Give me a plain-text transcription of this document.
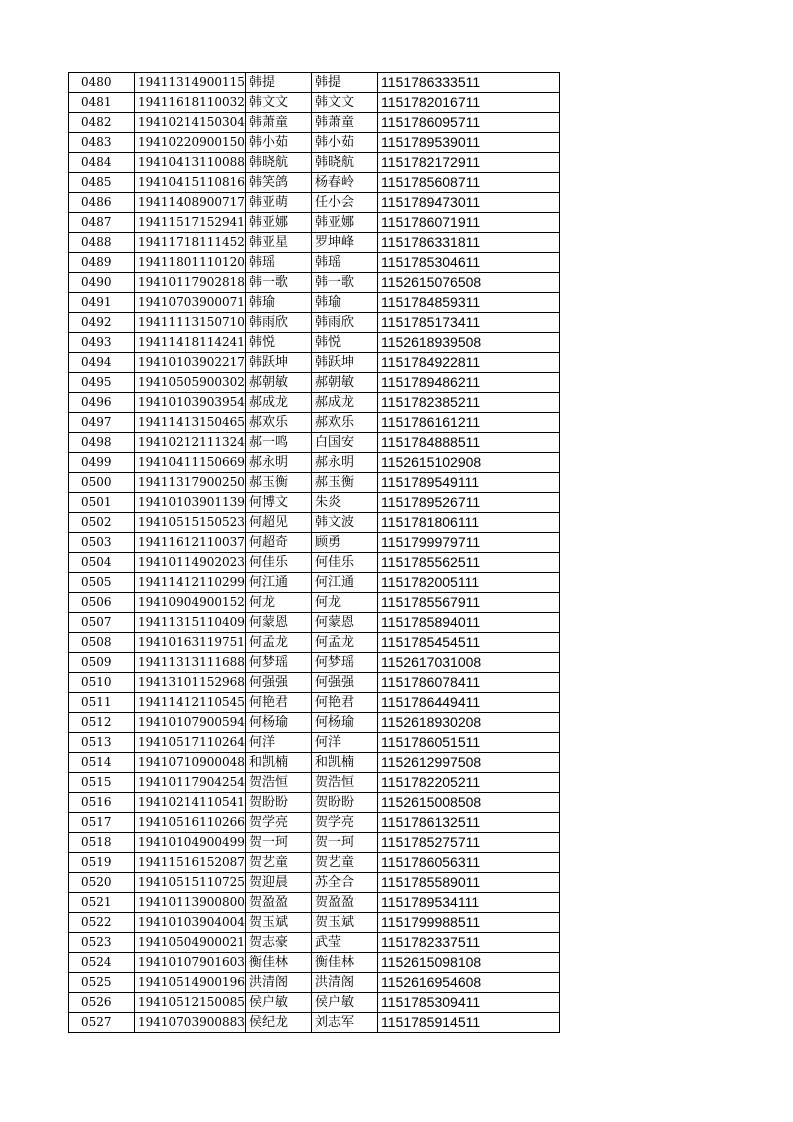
0480	19411314900115	韩提	韩提	1151786333511
0481	19411618110032	韩文文	韩文文	1151782016711
0482	19410214150304	韩萧童	韩萧童	1151786095711
0483	19410220900150	韩小茹	韩小茹	1151789539011
0484	19410413110088	韩晓航	韩晓航	1151782172911
0485	19410415110816	韩笑鸽	杨春岭	1151785608711
0486	19411408900717	韩亚萌	任小会	1151789473011
0487	19411517152941	韩亚娜	韩亚娜	1151786071911
0488	19411718111452	韩亚星	罗坤峰	1151786331811
0489	19411801110120	韩瑶	韩瑶	1151785304611
0490	19410117902818	韩一歌	韩一歌	1152615076508
0491	19410703900071	韩瑜	韩瑜	1151784859311
0492	19411113150710	韩雨欣	韩雨欣	1151785173411
0493	19411418114241	韩悦	韩悦	1152618939508
0494	19410103902217	韩跃坤	韩跃坤	1151784922811
0495	19410505900302	郝朝敏	郝朝敏	1151789486211
0496	19410103903954	郝成龙	郝成龙	1151782385211
0497	19411413150465	郝欢乐	郝欢乐	1151786161211
0498	19410212111324	郝一鸣	白国安	1151784888511
0499	19410411150669	郝永明	郝永明	1152615102908
0500	19411317900250	郝玉衡	郝玉衡	1151789549111
0501	19410103901139	何博文	朱炎	1151789526711
0502	19410515150523	何超见	韩文波	1151781806111
0503	19411612110037	何超奇	顾勇	1151799979711
0504	19410114902023	何佳乐	何佳乐	1151785562511
0505	19411412110299	何江通	何江通	1151782005111
0506	19410904900152	何龙	何龙	1151785567911
0507	19411315110409	何蒙恩	何蒙恩	1151785894011
0508	19410163119751	何孟龙	何孟龙	1151785454511
0509	19411313111688	何梦瑶	何梦瑶	1152617031008
0510	19413101152968	何强强	何强强	1151786078411
0511	19411412110545	何艳君	何艳君	1151786449411
0512	19410107900594	何杨瑜	何杨瑜	1152618930208
0513	19410517110264	何洋	何洋	1151786051511
0514	19410710900048	和凯楠	和凯楠	1152612997508
0515	19410117904254	贺浩恒	贺浩恒	1151782205211
0516	19410214110541	贺盼盼	贺盼盼	1152615008508
0517	19410516110266	贺学亮	贺学亮	1151786132511
0518	19410104900499	贺一珂	贺一珂	1151785275711
0519	19411516152087	贺艺童	贺艺童	1151786056311
0520	19410515110725	贺迎晨	苏全合	1151785589011
0521	19410113900800	贺盈盈	贺盈盈	1151789534111
0522	19410103904004	贺玉斌	贺玉斌	1151799988511
0523	19410504900021	贺志豪	武莹	1151782337511
0524	19410107901603	衡佳林	衡佳林	1152615098108
0525	19410514900196	洪清阁	洪清阁	1152616954608
0526	19410512150085	侯户敏	侯户敏	1151785309411
0527	19410703900883	侯纪龙	刘志军	1151785914511
